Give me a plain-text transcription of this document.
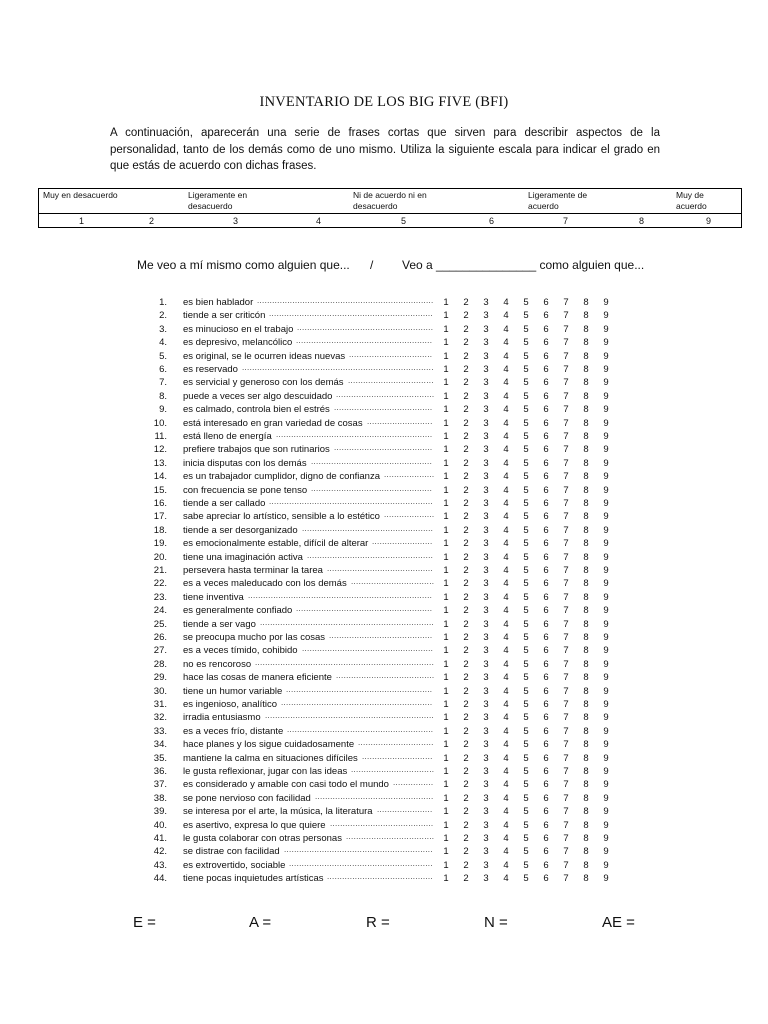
INVENTARIO DE LOS BIG FIVE (BFI)
A continuación, aparecerán una serie de frases cortas que sirven para describir aspectos de la personalidad, tanto de los demás como de uno mismo. Utiliza la siguiente escala para indicar el grado en que estás de acuerdo con dichas frases.
Muy en desacuerdo	Ligeramente en desacuerdo
Ni de acuerdo ni en desacuerdo
Ligeramente de acuerdo
Muy de acuerdo
1	2	3	4	5	6	7	8	9
Me veo a mí mismo como alguien que... / Veo a _______________ como alguien que...
1. es bien hablador ...................................................................... 1 2 3 4 5 6 7 8 9
2. tiende a ser criticón ................................................................. 1 2 3 4 5 6 7 8 9
3. es minucioso en el trabajo ...................................................... 1 2 3 4 5 6 7 8 9
4. es depresivo, melancólico ...................................................... 1 2 3 4 5 6 7 8 9
5. es original, se le ocurren ideas nuevas ................................. 1 2 3 4 5 6 7 8 9
6. es reservado ............................................................................ 1 2 3 4 5 6 7 8 9
7. es servicial y generoso con los demás .................................. 1 2 3 4 5 6 7 8 9
8. puede a veces ser algo descuidado ....................................... 1 2 3 4 5 6 7 8 9
9. es calmado, controla bien el estrés ....................................... 1 2 3 4 5 6 7 8 9
10. está interesado en gran variedad de cosas .......................... 1 2 3 4 5 6 7 8 9
11. está lleno de energía .............................................................. 1 2 3 4 5 6 7 8 9
12. prefiere trabajos que son rutinarios ....................................... 1 2 3 4 5 6 7 8 9
13. inicia disputas con los demás ................................................ 1 2 3 4 5 6 7 8 9
14. es un trabajador cumplidor, digno de confianza .................... 1 2 3 4 5 6 7 8 9
15. con frecuencia se pone tenso ................................................ 1 2 3 4 5 6 7 8 9
16. tiende a ser callado ................................................................. 1 2 3 4 5 6 7 8 9
17. sabe apreciar lo artístico, sensible a lo estético .................... 1 2 3 4 5 6 7 8 9
18. tiende a ser desorganizado .................................................... 1 2 3 4 5 6 7 8 9
19. es emocionalmente estable, difícil de alterar ........................ 1 2 3 4 5 6 7 8 9
20. tiene una imaginación activa .................................................. 1 2 3 4 5 6 7 8 9
21. persevera hasta terminar la tarea .......................................... 1 2 3 4 5 6 7 8 9
22. es a veces maleducado con los demás ................................. 1 2 3 4 5 6 7 8 9
23. tiene inventiva ......................................................................... 1 2 3 4 5 6 7 8 9
24. es generalmente confiado ...................................................... 1 2 3 4 5 6 7 8 9
25. tiende a ser vago ..................................................................... 1 2 3 4 5 6 7 8 9
26. se preocupa mucho por las cosas ......................................... 1 2 3 4 5 6 7 8 9
27. es a veces tímido, cohibido .................................................... 1 2 3 4 5 6 7 8 9
28. no es rencoroso ....................................................................... 1 2 3 4 5 6 7 8 9
29. hace las cosas de manera eficiente ....................................... 1 2 3 4 5 6 7 8 9
30. tiene un humor variable .......................................................... 1 2 3 4 5 6 7 8 9
31. es ingenioso, analítico ............................................................ 1 2 3 4 5 6 7 8 9
32. irradia entusiasmo ................................................................... 1 2 3 4 5 6 7 8 9
33. es a veces frío, distante .......................................................... 1 2 3 4 5 6 7 8 9
34. hace planes y los sigue cuidadosamente .............................. 1 2 3 4 5 6 7 8 9
35. mantiene la calma en situaciones difíciles ............................ 1 2 3 4 5 6 7 8 9
36. le gusta reflexionar, jugar con las ideas ................................. 1 2 3 4 5 6 7 8 9
37. es considerado y amable con casi todo el mundo ................ 1 2 3 4 5 6 7 8 9
38. se pone nervioso con facilidad ............................................... 1 2 3 4 5 6 7 8 9
39. se interesa por el arte, la música, la literatura ...................... 1 2 3 4 5 6 7 8 9
40. es asertivo, expresa lo que quiere ......................................... 1 2 3 4 5 6 7 8 9
41. le gusta colaborar con otras personas ................................... 1 2 3 4 5 6 7 8 9
42. se distrae con facilidad ........................................................... 1 2 3 4 5 6 7 8 9
43. es extrovertido, sociable ......................................................... 1 2 3 4 5 6 7 8 9
44. tiene pocas inquietudes artísticas .......................................... 1 2 3 4 5 6 7 8 9
E =	A =	R =	N =	AE =
